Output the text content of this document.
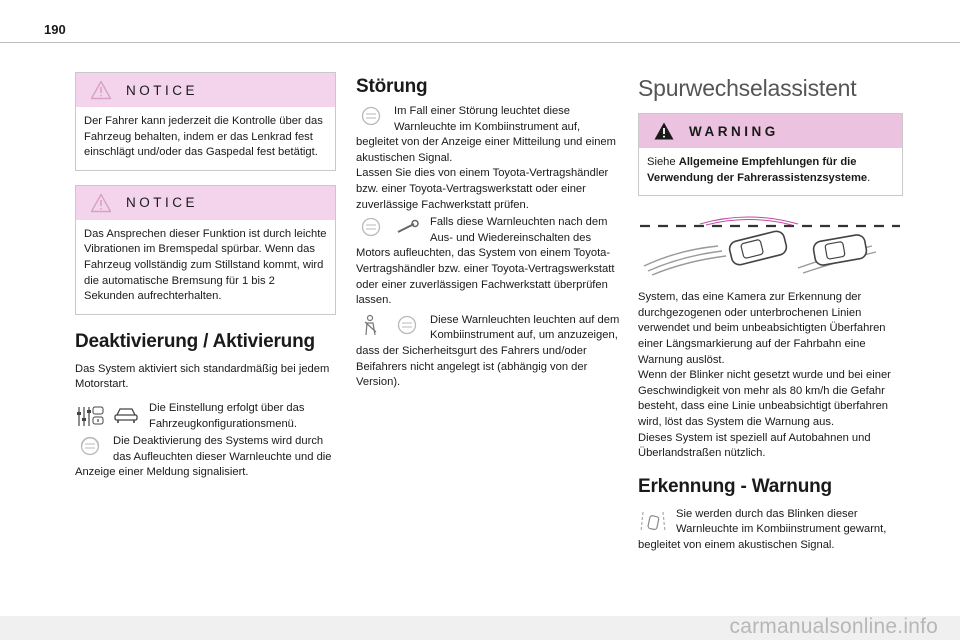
190
NOTICE
Der Fahrer kann jederzeit die Kontrolle über das Fahrzeug behalten, indem er das Lenkrad fest einschlägt und/oder das Gaspedal fest betätigt.
NOTICE
Das Ansprechen dieser Funktion ist durch leichte Vibrationen im Bremspedal spürbar. Wenn das Fahrzeug vollständig zum Stillstand kommt, wird die automatische Bremsung für 1 bis 2 Sekunden aufrechterhalten.
Deaktivierung / Aktivierung
Das System aktiviert sich standardmäßig bei jedem Motorstart.
Die Einstellung erfolgt über das Fahrzeugkonfigurationsmenü.
Die Deaktivierung des Systems wird durch das Aufleuchten dieser Warnleuchte und die Anzeige einer Meldung signalisiert.
Störung
Im Fall einer Störung leuchtet diese Warnleuchte im Kombiinstrument auf, begleitet von der Anzeige einer Mitteilung und einem akustischen Signal.
Lassen Sie dies von einem Toyota-Vertragshändler bzw. einer Toyota-Vertragswerkstatt oder einer zuverlässige Fachwerkstatt prüfen.
Falls diese Warnleuchten nach dem Aus- und Wiedereinschalten des Motors aufleuchten, das System von einem Toyota-Vertragshändler bzw. einer Toyota-Vertragswerkstatt oder einer zuverlässigen Fachwerkstatt überprüfen lassen.
Diese Warnleuchten leuchten auf dem Kombiinstrument auf, um anzuzeigen, dass der Sicherheitsgurt des Fahrers und/oder Beifahrers nicht angelegt ist (abhängig von der Version).
Spurwechselassistent
WARNING
Siehe Allgemeine Empfehlungen für die Verwendung der Fahrerassistenzsysteme.
System, das eine Kamera zur Erkennung der durchgezogenen oder unterbrochenen Linien verwendet und beim unbeabsichtigten Überfahren einer Längsmarkierung auf der Fahrbahn eine Warnung auslöst.
Wenn der Blinker nicht gesetzt wurde und bei einer Geschwindigkeit von mehr als 80 km/h die Gefahr besteht, dass eine Linie unbeabsichtigt überfahren wird, löst das System die Warnung aus.
Dieses System ist speziell auf Autobahnen und Überlandstraßen nützlich.
Erkennung - Warnung
Sie werden durch das Blinken dieser Warnleuchte im Kombiinstrument gewarnt, begleitet von einem akustischen Signal.
carmanualsonline.info
